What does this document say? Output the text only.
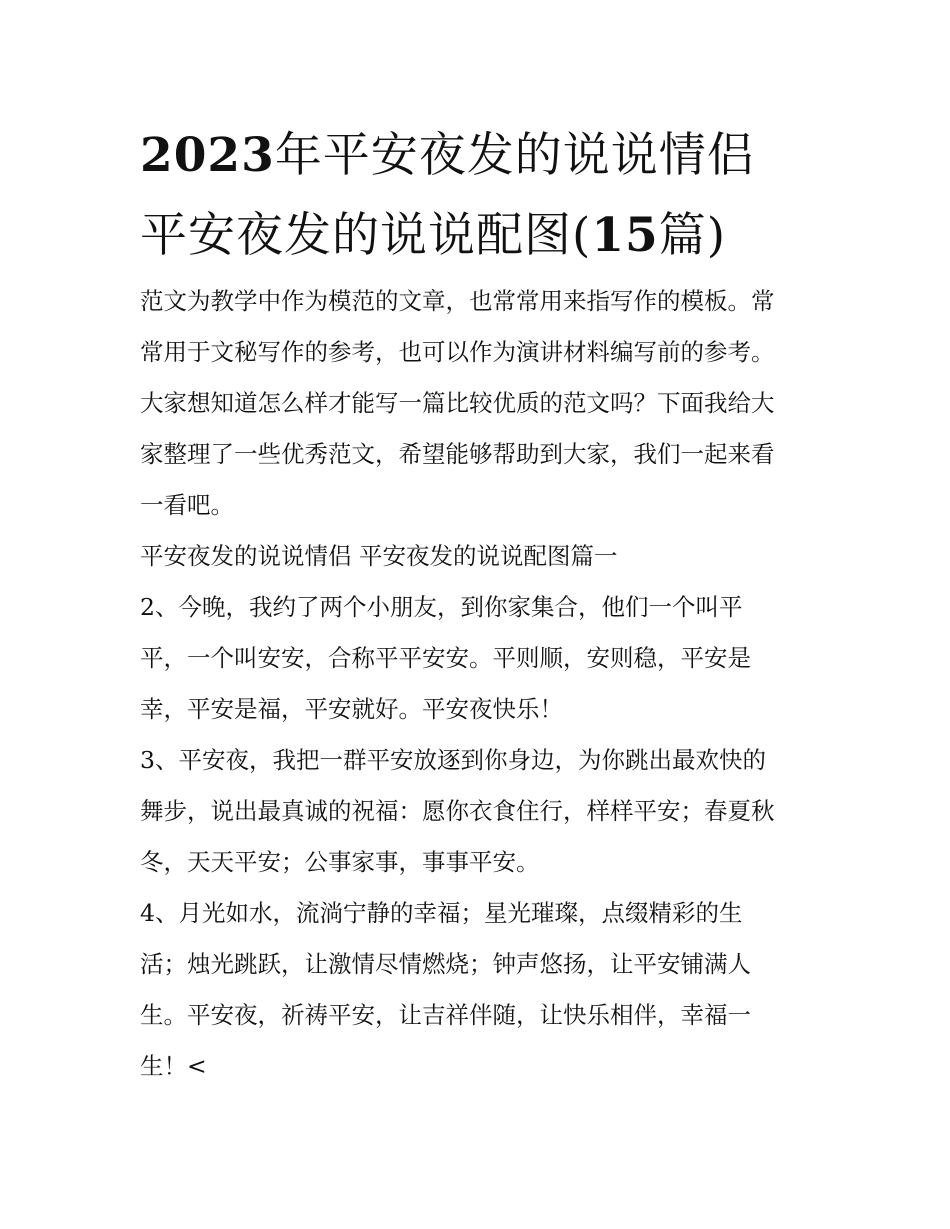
2023年平安夜发的说说情侣
平安夜发的说说配图(15篇)

范文为教学中作为模范的文章，也常常用来指写作的模板。常
常用于文秘写作的参考，也可以作为演讲材料编写前的参考。
大家想知道怎么样才能写一篇比较优质的范文吗？下面我给大
家整理了一些优秀范文，希望能够帮助到大家，我们一起来看
一看吧。

平安夜发的说说情侣 平安夜发的说说配图篇一

2、今晚，我约了两个小朋友，到你家集合，他们一个叫平
平，一个叫安安，合称平平安安。平则顺，安则稳，平安是
幸，平安是福，平安就好。平安夜快乐！

3、平安夜，我把一群平安放逐到你身边，为你跳出最欢快的
舞步，说出最真诚的祝福：愿你衣食住行，样样平安；春夏秋
冬，天天平安；公事家事，事事平安。

4、月光如水，流淌宁静的幸福；星光璀璨，点缀精彩的生
活；烛光跳跃，让激情尽情燃烧；钟声悠扬，让平安铺满人
生。平安夜，祈祷平安，让吉祥伴随，让快乐相伴，幸福一
生！<
